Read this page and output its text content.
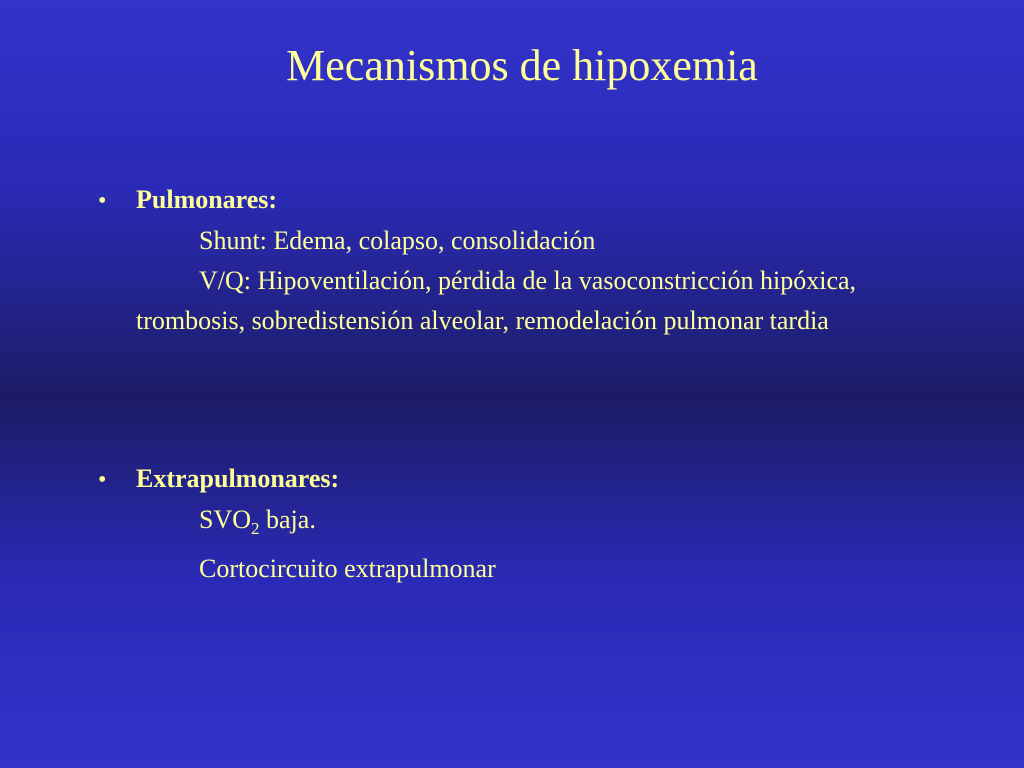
Mecanismos de hipoxemia
•	Pulmonares:
Shunt: Edema, colapso, consolidación
V/Q: Hipoventilación, pérdida de la vasoconstricción hipóxica, trombosis, sobredistensión alveolar, remodelación pulmonar tardia
•	Extrapulmonares:
$SVO_2$ baja.
Cortocircuito extrapulmonar
